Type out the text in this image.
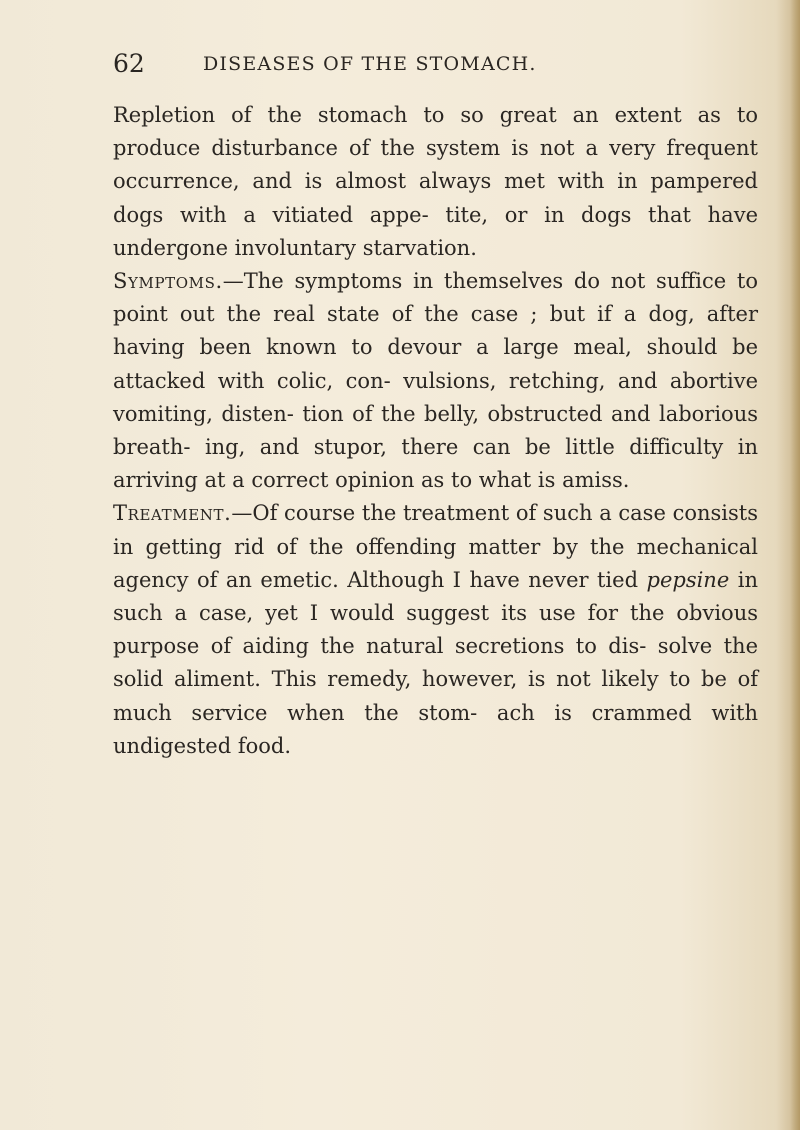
62	DISEASES OF THE STOMACH.

Repletion of the stomach to so great an extent as to produce disturbance of the system is not a very frequent occurrence, and is almost always met with in pampered dogs with a vitiated appe- tite, or in dogs that have undergone involuntary starvation.

Symptoms.—The symptoms in themselves do not suffice to point out the real state of the case ; but if a dog, after having been known to devour a large meal, should be attacked with colic, con- vulsions, retching, and abortive vomiting, disten- tion of the belly, obstructed and laborious breath- ing, and stupor, there can be little difficulty in arriving at a correct opinion as to what is amiss.

Treatment.—Of course the treatment of such a case consists in getting rid of the offending matter by the mechanical agency of an emetic. Although I have never tied pepsine in such a case, yet I would suggest its use for the obvious purpose of aiding the natural secretions to dis- solve the solid aliment. This remedy, however, is not likely to be of much service when the stom- ach is crammed with undigested food.
